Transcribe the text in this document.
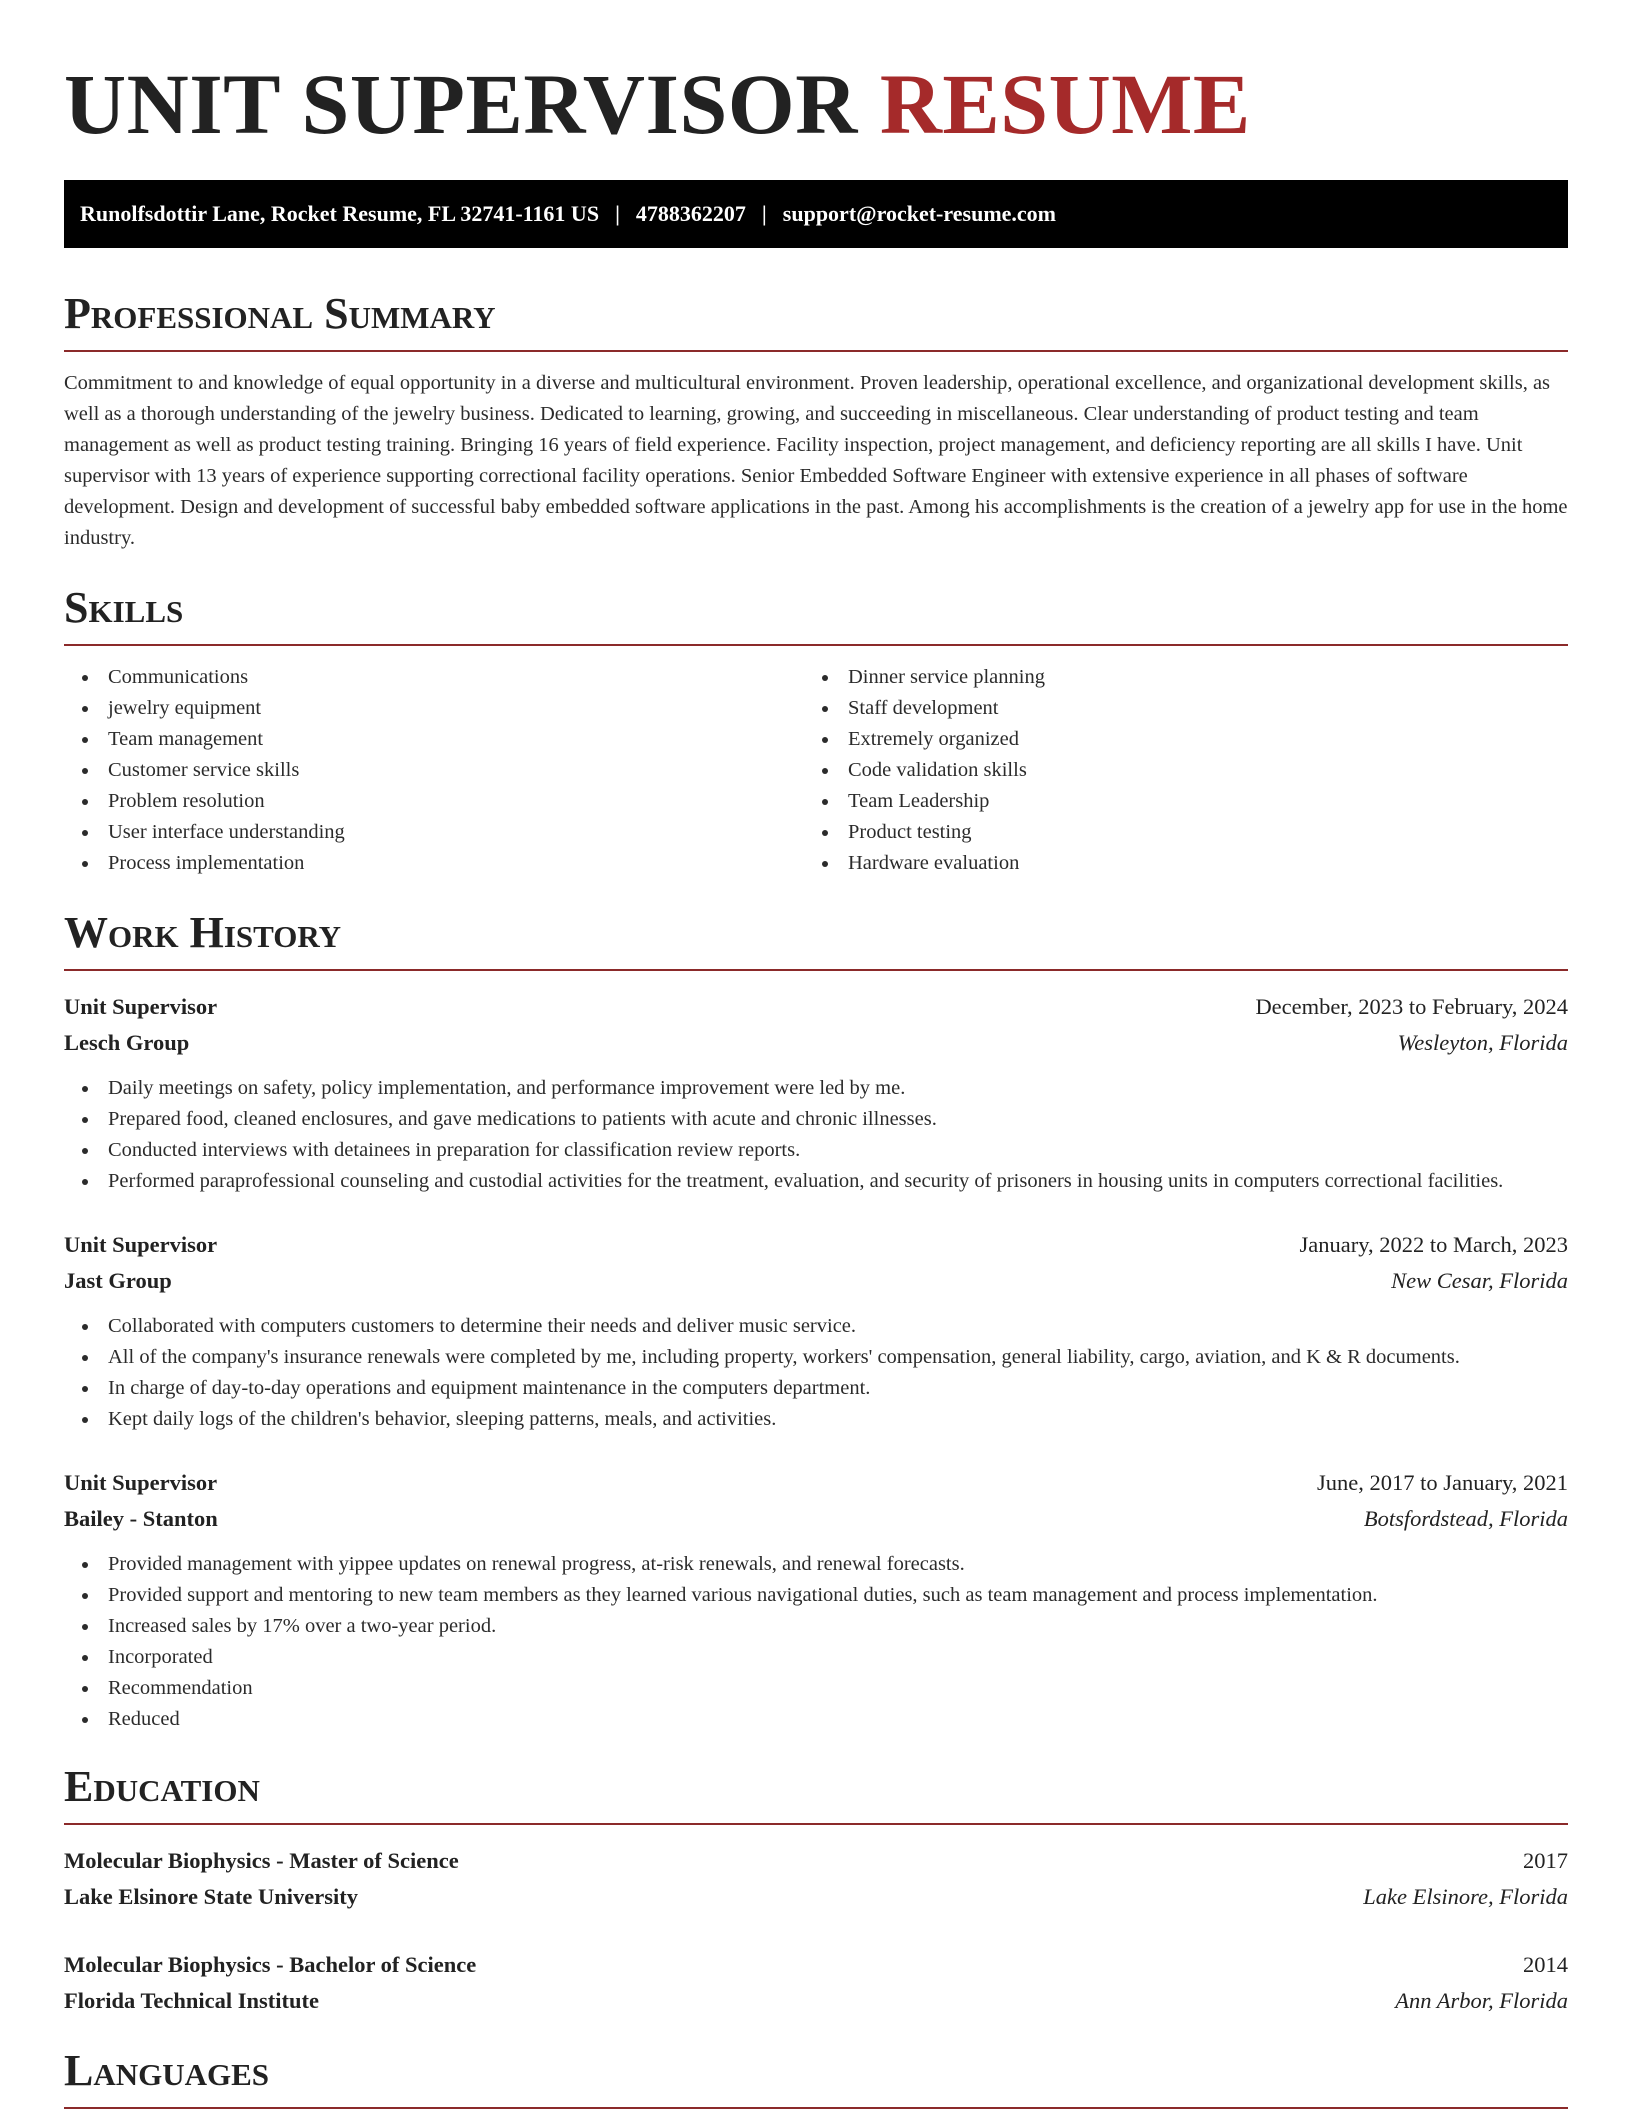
UNIT SUPERVISOR RESUME
Runolfsdottir Lane, Rocket Resume, FL 32741-1161 US | 4788362207 | support@rocket-resume.com
Professional Summary

Commitment to and knowledge of equal opportunity in a diverse and multicultural environment. Proven leadership, operational excellence, and organizational development skills, as well as a thorough understanding of the jewelry business. Dedicated to learning, growing, and succeeding in miscellaneous. Clear understanding of product testing and team management as well as product testing training. Bringing 16 years of field experience. Facility inspection, project management, and deficiency reporting are all skills I have. Unit supervisor with 13 years of experience supporting correctional facility operations. Senior Embedded Software Engineer with extensive experience in all phases of software development. Design and development of successful baby embedded software applications in the past. Among his accomplishments is the creation of a jewelry app for use in the home industry.

Skills
Communications
jewelry equipment
Team management
Customer service skills
Problem resolution
User interface understanding
Process implementation
Dinner service planning
Staff development
Extremely organized
Code validation skills
Team Leadership
Product testing
Hardware evaluation
Work History
Unit Supervisor	December, 2023 to February, 2024
Lesch Group	Wesleyton, Florida
Daily meetings on safety, policy implementation, and performance improvement were led by me.
Prepared food, cleaned enclosures, and gave medications to patients with acute and chronic illnesses.
Conducted interviews with detainees in preparation for classification review reports.
Performed paraprofessional counseling and custodial activities for the treatment, evaluation, and security of prisoners in housing units in computers correctional facilities.
Unit Supervisor	January, 2022 to March, 2023
Jast Group	New Cesar, Florida
Collaborated with computers customers to determine their needs and deliver music service.
All of the company's insurance renewals were completed by me, including property, workers' compensation, general liability, cargo, aviation, and K & R documents.
In charge of day-to-day operations and equipment maintenance in the computers department.
Kept daily logs of the children's behavior, sleeping patterns, meals, and activities.
Unit Supervisor	June, 2017 to January, 2021
Bailey - Stanton	Botsfordstead, Florida
Provided management with yippee updates on renewal progress, at-risk renewals, and renewal forecasts.
Provided support and mentoring to new team members as they learned various navigational duties, such as team management and process implementation.
Increased sales by 17% over a two-year period.
Incorporated
Recommendation
Reduced
Education
Molecular Biophysics - Master of Science	2017
Lake Elsinore State University	Lake Elsinore, Florida
Molecular Biophysics - Bachelor of Science	2014
Florida Technical Institute	Ann Arbor, Florida
Languages
